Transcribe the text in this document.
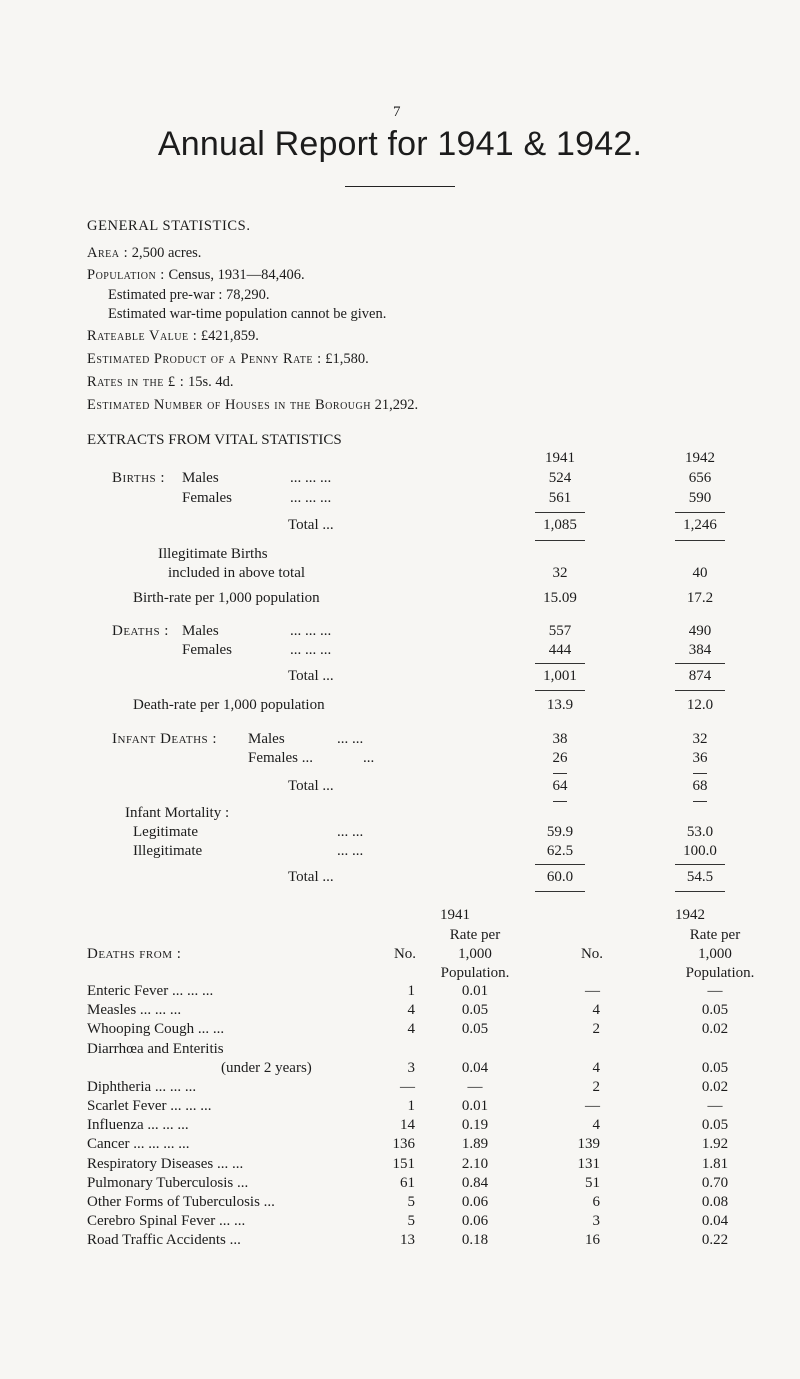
7
Annual Report for 1941 & 1942.
GENERAL STATISTICS.
Area : 2,500 acres.
Population : Census, 1931—84,406.
Estimated pre-war : 78,290.
Estimated war-time population cannot be given.
Rateable Value : £421,859.
Estimated Product of a Penny Rate : £1,580.
Rates in the £ : 15s. 4d.
Estimated Number of Houses in the Borough 21,292.
EXTRACTS FROM VITAL STATISTICS
1941	1942
Births : Males	... ... ...	524	656
Females	... ... ...	561	590
Total ...	1,085	1,246
Illegitimate Births
included in above total	32	40
Birth-rate per 1,000 population	15.09	17.2
Deaths : Males	... ... ...	557	490
Females	... ... ...	444	384
Total ...	1,001	874
Death-rate per 1,000 population	13.9	12.0
Infant Deaths : Males	... ...	38	32
Females ...	...	26	36
Total ...	64	68
Infant Mortality :
Legitimate	... ...	59.9	53.0
Illegitimate	... ...	62.5	100.0
Total ...	60.0	54.5
1941	1942
Rate per	Rate per
Deaths from :	No.	1,000	No.	1,000
Population.	Population.
Enteric Fever ... ... ...	1	0.01	—	—
Measles ... ... ...	4	0.05	4	0.05
Whooping Cough ... ...	4	0.05	2	0.02
Diarrhœa and Enteritis
(under 2 years)	3	0.04	4	0.05
Diphtheria ... ... ...	—	—	2	0.02
Scarlet Fever ... ... ...	1	0.01	—	—
Influenza ... ... ...	14	0.19	4	0.05
Cancer ... ... ... ...	136	1.89	139	1.92
Respiratory Diseases ... ...	151	2.10	131	1.81
Pulmonary Tuberculosis ...	61	0.84	51	0.70
Other Forms of Tuberculosis ...	5	0.06	6	0.08
Cerebro Spinal Fever ... ...	5	0.06	3	0.04
Road Traffic Accidents ...	13	0.18	16	0.22
